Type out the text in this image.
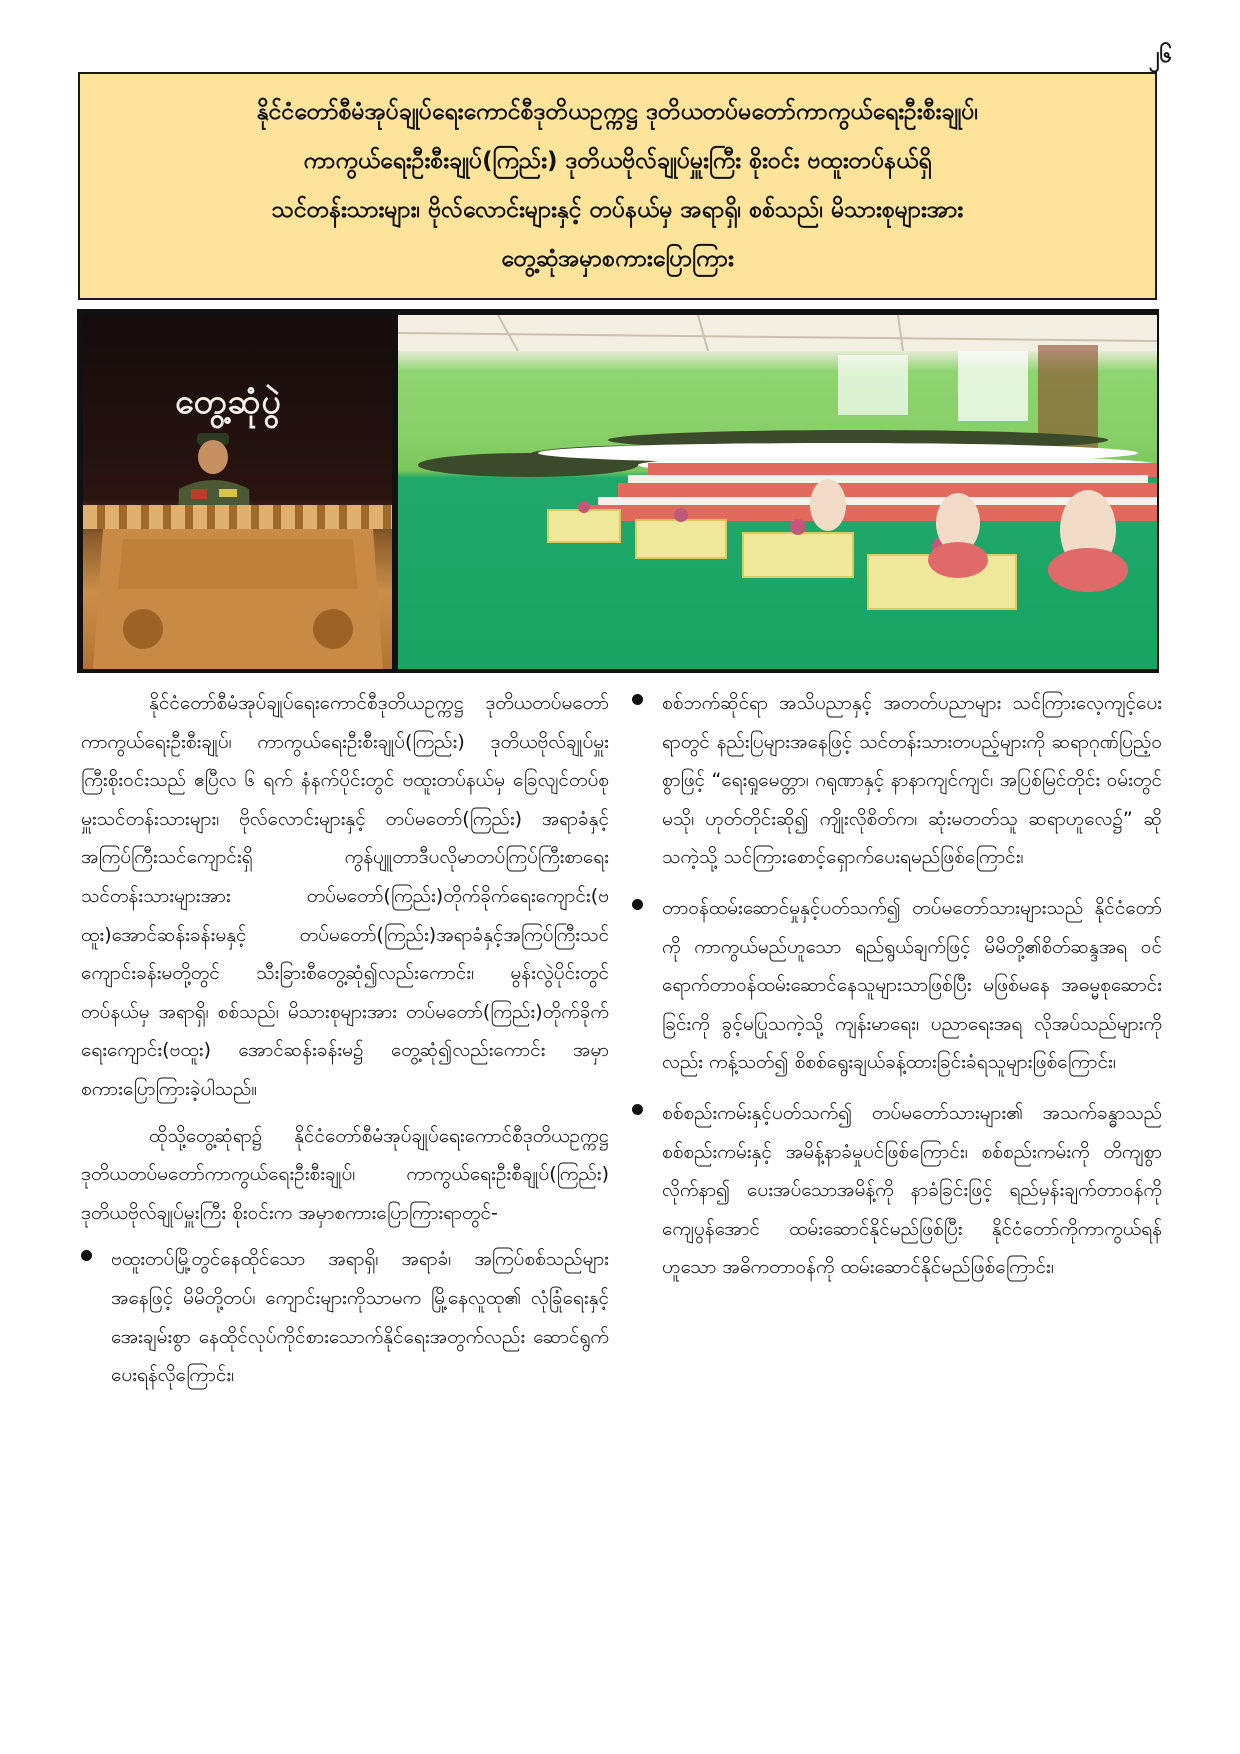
၂၆
နိုင်ငံတော်စီမံအုပ်ချုပ်ရေးကောင်စီဒုတိယဥက္ကဋ္ဌ ဒုတိယတပ်မတော်ကာကွယ်ရေးဦးစီးချုပ်၊
ကာကွယ်ရေးဦးစီးချုပ်(ကြည်း) ဒုတိယဗိုလ်ချုပ်မှူးကြီး စိုးဝင်း ဗထူးတပ်နယ်ရှိ
သင်တန်းသားများ၊ ဗိုလ်လောင်းများနှင့် တပ်နယ်မှ အရာရှိ၊ စစ်သည်၊ မိသားစုများအား
တွေ့ဆုံအမှာစကားပြောကြား
တွေ့ဆုံပွဲ

နိုင်ငံတော်စီမံအုပ်ချုပ်ရေးကောင်စီဒုတိယဥက္ကဋ္ဌ ဒုတိယတပ်မတော်ကာကွယ်ရေးဦးစီးချုပ်၊ ကာကွယ်ရေးဦးစီးချုပ်(ကြည်း) ဒုတိယဗိုလ်ချုပ်မှူးကြီးစိုးဝင်းသည် ဧပြီလ ၆ ရက် နံနက်ပိုင်းတွင် ဗထူးတပ်နယ်မှ ခြေလျင်တပ်စုမှူးသင်တန်းသားများ၊ ဗိုလ်လောင်းများနှင့် တပ်မတော်(ကြည်း) အရာခံနှင့်အကြပ်ကြီးသင်ကျောင်းရှိ ကွန်ပျူတာဒီပလိုမာတပ်ကြပ်ကြီးစာရေးသင်တန်းသားများအား တပ်မတော်(ကြည်း)တိုက်ခိုက်ရေးကျောင်း(ဗထူး)အောင်ဆန်းခန်းမနှင့် တပ်မတော်(ကြည်း)အရာခံနှင့်အကြပ်ကြီးသင်ကျောင်းခန်းမတို့တွင် သီးခြားစီတွေ့ဆုံ၍လည်းကောင်း၊ မွန်းလွဲပိုင်းတွင် တပ်နယ်မှ အရာရှိ၊ စစ်သည်၊ မိသားစုများအား တပ်မတော်(ကြည်း)တိုက်ခိုက်ရေးကျောင်း(ဗထူး) အောင်ဆန်းခန်းမ၌ တွေ့ဆုံ၍လည်းကောင်း အမှာစကားပြောကြားခဲ့ပါသည်။

ထိုသို့တွေ့ဆုံရာ၌ နိုင်ငံတော်စီမံအုပ်ချုပ်ရေးကောင်စီဒုတိယဥက္ကဋ္ဌ ဒုတိယတပ်မတော်ကာကွယ်ရေးဦးစီးချုပ်၊ ကာကွယ်ရေးဦးစီချုပ်(ကြည်း) ဒုတိယဗိုလ်ချုပ်မှူးကြီး စိုးဝင်းက အမှာစကားပြောကြားရာတွင်-

ဗထူးတပ်မြို့တွင်နေထိုင်သော အရာရှိ၊ အရာခံ၊ အကြပ်စစ်သည်များအနေဖြင့် မိမိတို့တပ်၊ ကျောင်းများကိုသာမက မြို့နေလူထု၏ လုံခြုံရေးနှင့် အေးချမ်းစွာ နေထိုင်လုပ်ကိုင်စားသောက်နိုင်ရေးအတွက်လည်း ဆောင်ရွက်ပေးရန်လိုကြောင်း၊
စစ်ဘက်ဆိုင်ရာ အသိပညာနှင့် အတတ်ပညာများ သင်ကြားလေ့ကျင့်ပေးရာတွင် နည်းပြများအနေဖြင့် သင်တန်းသားတပည့်များကို ဆရာဂုဏ်ပြည့်ဝစွာဖြင့် “ရေးရှုမေတ္တာ၊ ဂရုဏာနှင့် နာနာကျင်ကျင်၊ အပြစ်မြင်တိုင်း ဝမ်းတွင်မသို၊ ဟုတ်တိုင်းဆို၍ ကျိုးလိုစိတ်က၊ ဆုံးမတတ်သူ ဆရာဟူလေ၌” ဆိုသကဲ့သို့ သင်ကြားစောင့်ရှောက်ပေးရမည်ဖြစ်ကြောင်း၊
တာဝန်ထမ်းဆောင်မှုနှင့်ပတ်သက်၍ တပ်မတော်သားများသည် နိုင်ငံတော်ကို ကာကွယ်မည်ဟူသော ရည်ရွယ်ချက်ဖြင့် မိမိတို့၏စိတ်ဆန္ဒအရ ဝင်ရောက်တာဝန်ထမ်းဆောင်နေသူများသာဖြစ်ပြီး မဖြစ်မနေ အဓမ္မစုဆောင်းခြင်းကို ခွင့်မပြုသကဲ့သို့ ကျန်းမာရေး၊ ပညာရေးအရ လိုအပ်သည်များကိုလည်း ကန့်သတ်၍ စိစစ်ရွေးချယ်ခန့်ထားခြင်းခံရသူများဖြစ်ကြောင်း၊
စစ်စည်းကမ်းနှင့်ပတ်သက်၍ တပ်မတော်သားများ၏ အသက်ခန္ဓာသည် စစ်စည်းကမ်းနှင့် အမိန့်နာခံမှုပင်ဖြစ်ကြောင်း၊ စစ်စည်းကမ်းကို တိကျစွာလိုက်နာ၍ ပေးအပ်သောအမိန့်ကို နာခံခြင်းဖြင့် ရည်မှန်းချက်တာဝန်ကို ကျေပွန်အောင် ထမ်းဆောင်နိုင်မည်ဖြစ်ပြီး နိုင်ငံတော်ကိုကာကွယ်ရန်ဟူသော အဓိကတာဝန်ကို ထမ်းဆောင်နိုင်မည်ဖြစ်ကြောင်း၊
